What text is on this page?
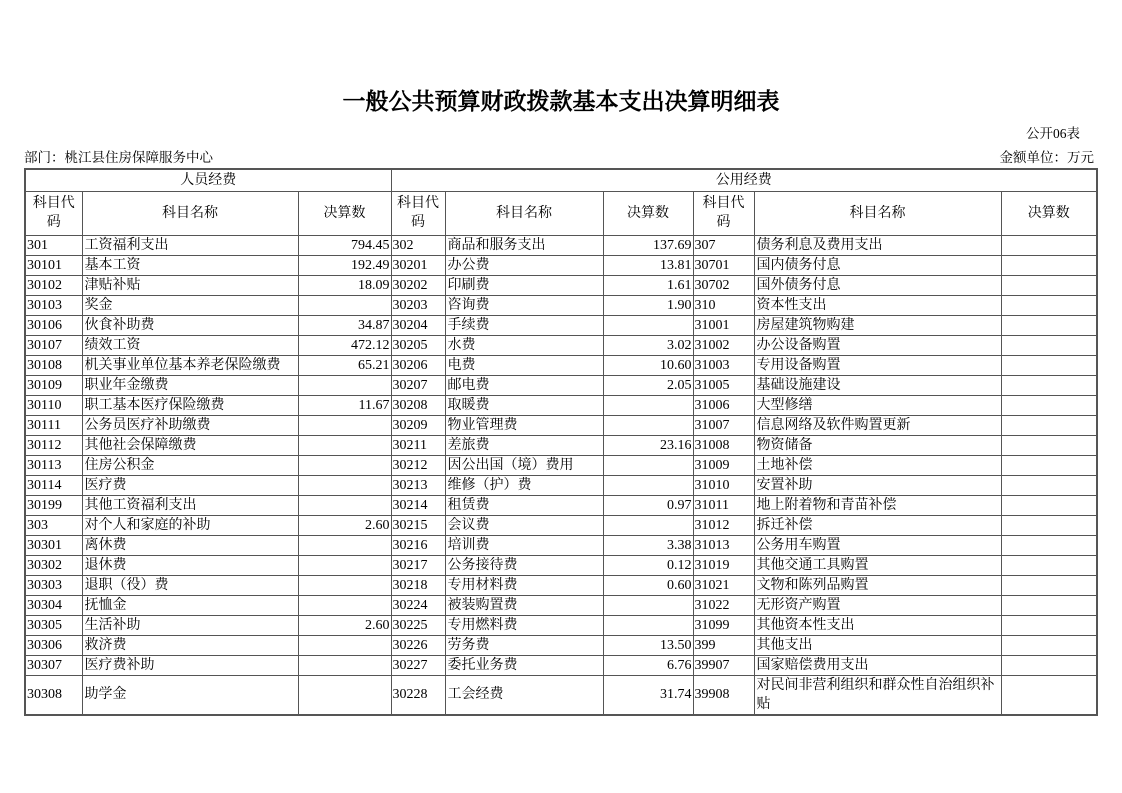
一般公共预算财政拨款基本支出决算明细表
公开06表
部门：桃江县住房保障服务中心	金额单位：万元
人员经费			公用经费					
科目代码	科目名称	决算数	科目代码	科目名称	决算数	科目代码	科目名称	决算数
301	工资福利支出	794.45	302	商品和服务支出	137.69	307	债务利息及费用支出	
30101	基本工资	192.49	30201	办公费	13.81	30701	国内债务付息	
30102	津贴补贴	18.09	30202	印刷费	1.61	30702	国外债务付息	
30103	奖金		30203	咨询费	1.90	310	资本性支出	
30106	伙食补助费	34.87	30204	手续费		31001	房屋建筑物购建	
30107	绩效工资	472.12	30205	水费	3.02	31002	办公设备购置	
30108	机关事业单位基本养老保险缴费	65.21	30206	电费	10.60	31003	专用设备购置	
30109	职业年金缴费		30207	邮电费	2.05	31005	基础设施建设	
30110	职工基本医疗保险缴费	11.67	30208	取暖费		31006	大型修缮	
30111	公务员医疗补助缴费		30209	物业管理费		31007	信息网络及软件购置更新	
30112	其他社会保障缴费		30211	差旅费	23.16	31008	物资储备	
30113	住房公积金		30212	因公出国（境）费用		31009	土地补偿	
30114	医疗费		30213	维修（护）费		31010	安置补助	
30199	其他工资福利支出		30214	租赁费	0.97	31011	地上附着物和青苗补偿	
303	对个人和家庭的补助	2.60	30215	会议费		31012	拆迁补偿	
30301	离休费		30216	培训费	3.38	31013	公务用车购置	
30302	退休费		30217	公务接待费	0.12	31019	其他交通工具购置	
30303	退职（役）费		30218	专用材料费	0.60	31021	文物和陈列品购置	
30304	抚恤金		30224	被装购置费		31022	无形资产购置	
30305	生活补助	2.60	30225	专用燃料费		31099	其他资本性支出	
30306	救济费		30226	劳务费	13.50	399	其他支出	
30307	医疗费补助		30227	委托业务费	6.76	39907	国家赔偿费用支出	
30308	助学金		30228	工会经费	31.74	39908	对民间非营利组织和群众性自治组织补贴	
